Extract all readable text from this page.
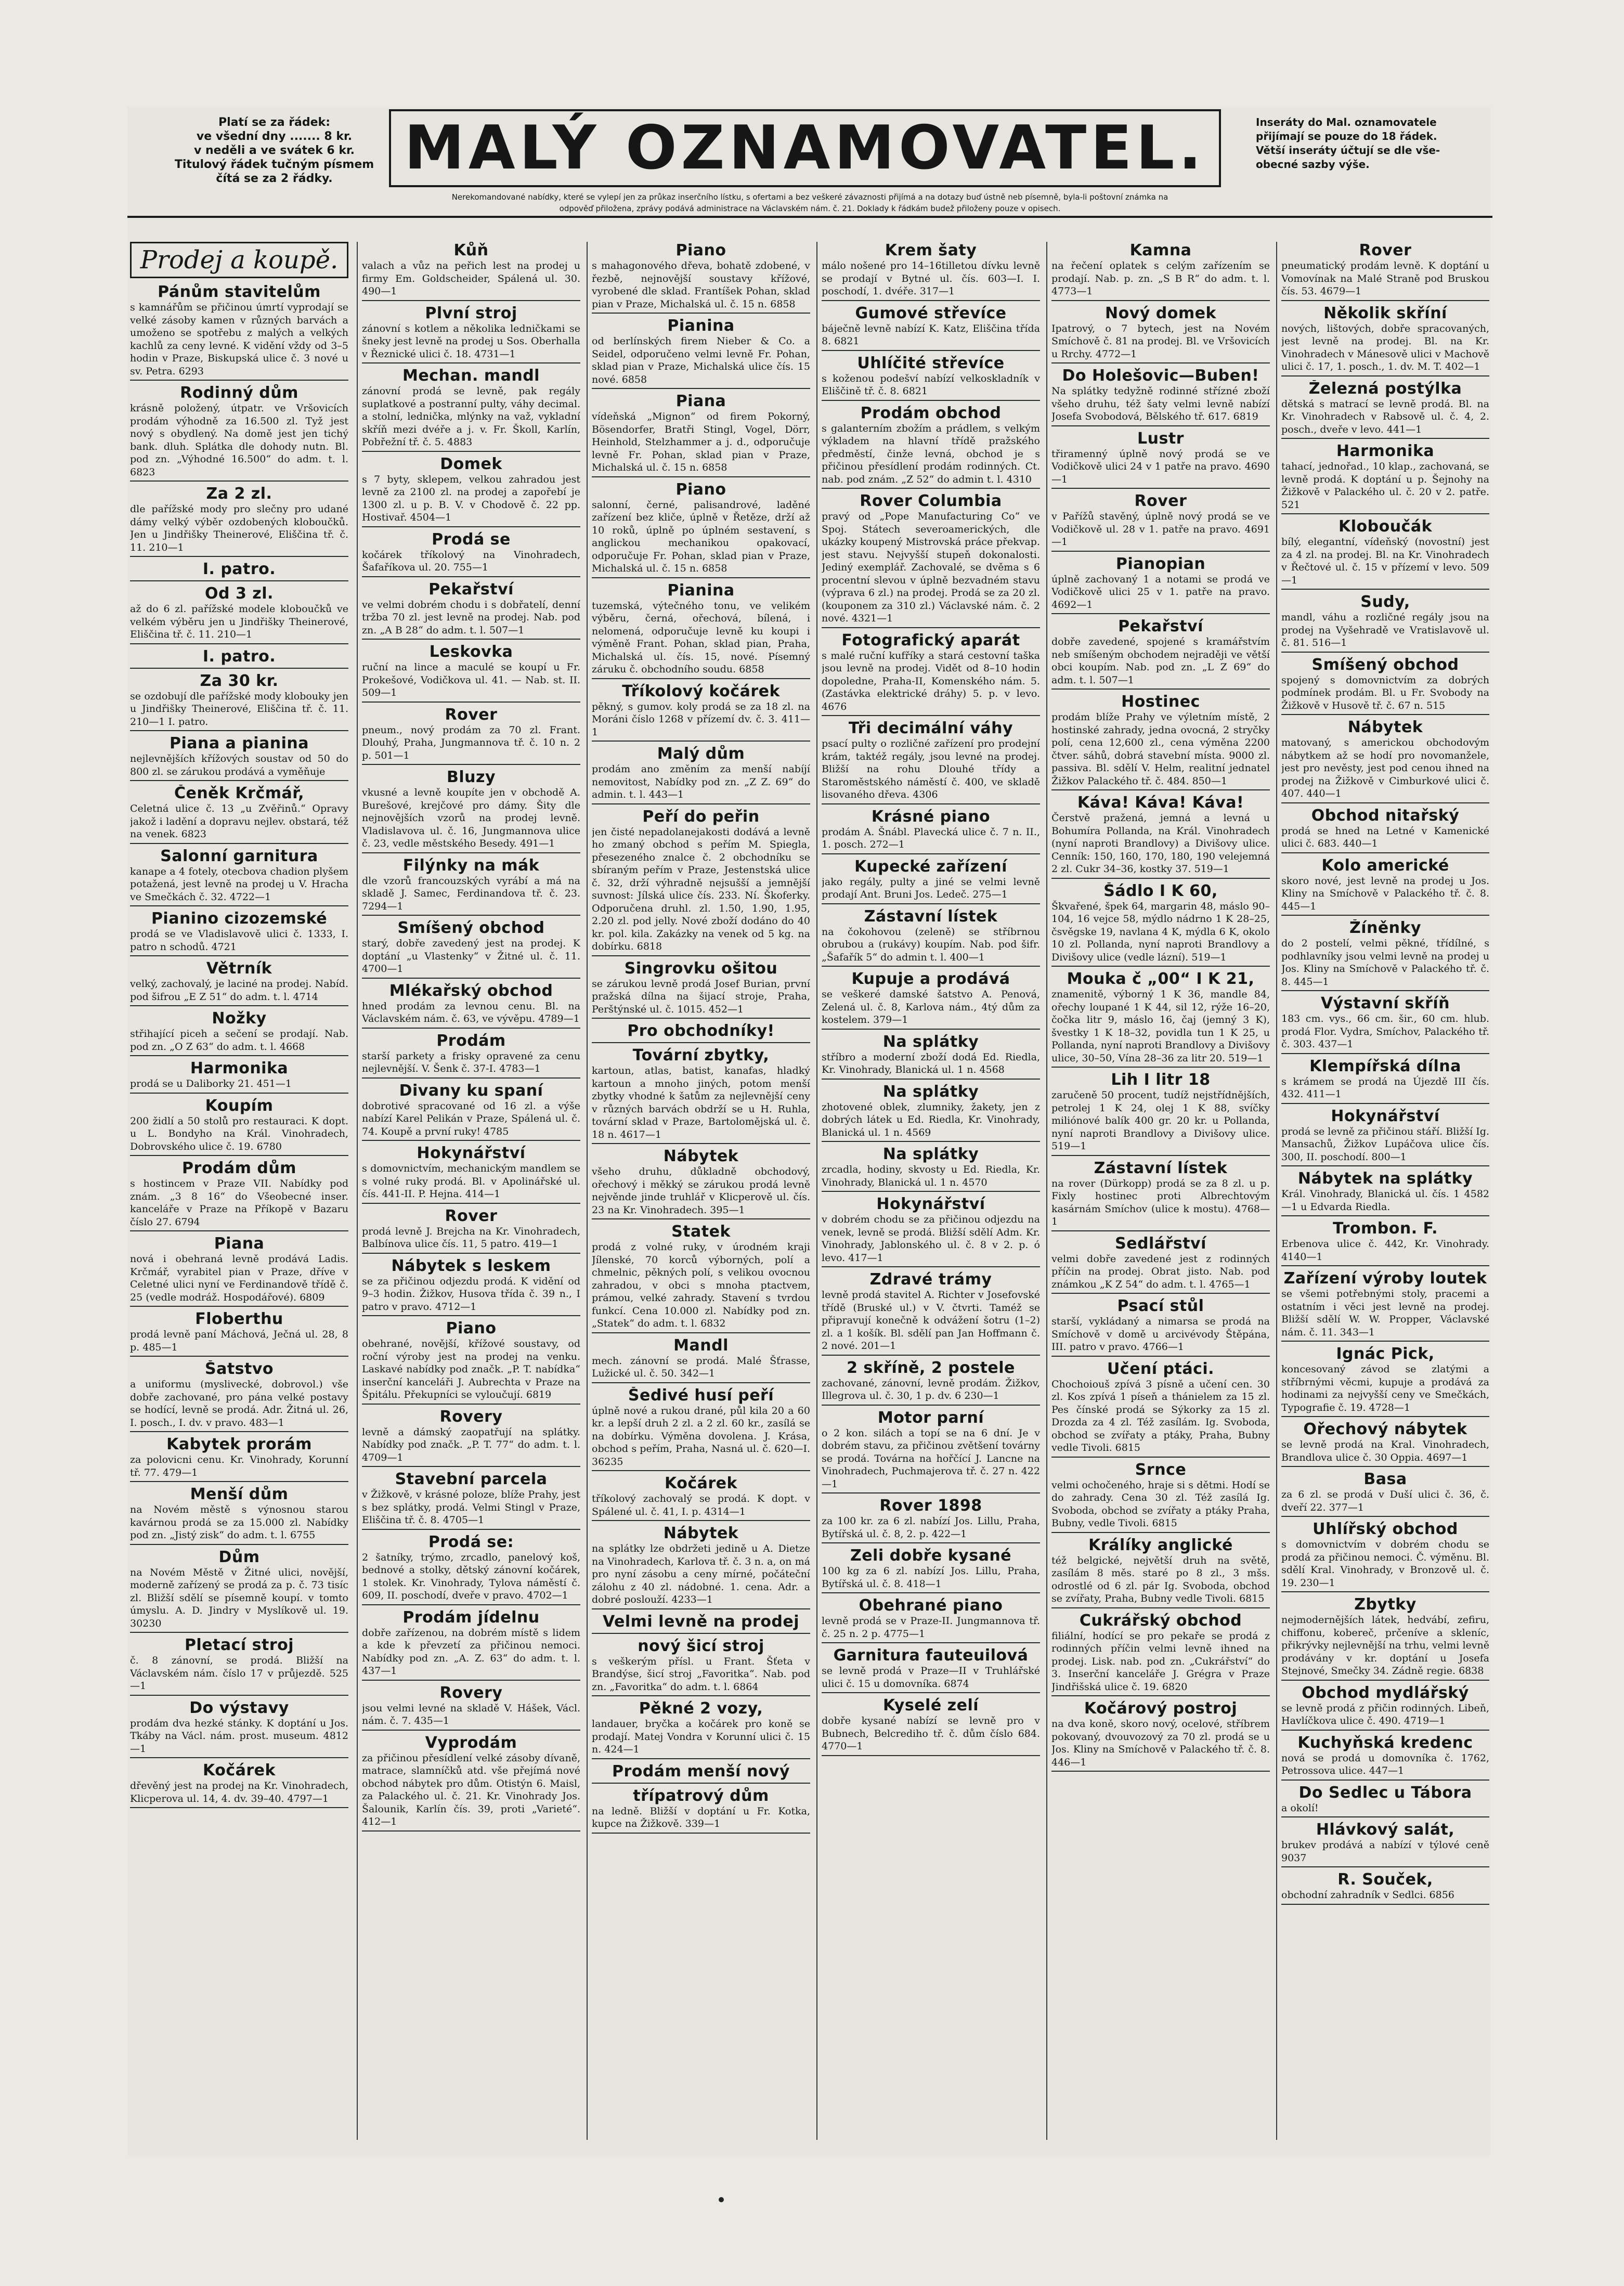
Platí se za řádek:
ve všední dny ....... 8 kr.
v neděli a ve svátek 6 kr.
Titulový řádek tučným písmem
čítá se za 2 řádky.	MALÝ OZNAMOVATEL.	Inseráty do Mal. oznamovatele
přijímají se pouze do 18 řádek.
Větší inseráty účtují se dle vše-
obecné sazby výše.
Nerekomandované nabídky, které se vylepí jen za průkaz inserčního lístku, s ofertami a bez veškeré závaznosti přijímá a na dotazy buď ústně neb písemně, byla-li poštovní známka na
odpověď přiložena, zprávy podává administrace na Václavském nám. č. 21. Doklady k řádkám budež přiloženy pouze v opisech.
Prodej a koupě.
Pánům stavitelům

s kamnářům se přičinou úmrtí vyprodají se velké zásoby kamen v různých barvách a umoženo se spotřebu z malých a velkých kachlů za ceny levné. K vidění vždy od 3–5 hodin v Praze, Biskupská ulice č. 3 nové u sv. Petra. 6293

Rodinný dům

krásně položený, útpatr. ve Vršovicích prodám výhodně za 16.500 zl. Tyž jest nový s obydlený. Na domě jest jen tichý bank. dluh. Splátka dle dohody nutn. Bl. pod zn. „Výhodné 16.500“ do adm. t. l. 6823

Za 2 zl.

dle pařížské mody pro slečny pro udané dámy velký výběr ozdobených kloboučků. Jen u Jindřišky Theinerové, Eliščina tř. č. 11. 210—1

I. patro.
Od 3 zl.

až do 6 zl. pařížské modele kloboučků ve velkém výběru jen u Jindřišky Theinerové, Eliščina tř. č. 11. 210—1

I. patro.
Za 30 kr.

se ozdobují dle pařížské mody klobouky jen u Jindřišky Theinerové, Eliščina tř. č. 11. 210—1 I. patro.

Piana a pianina

nejlevnějších křížových soustav od 50 do 800 zl. se zárukou prodává a vyměňuje

Čeněk Krčmář,

Celetná ulice č. 13 „u Zvěřinů.“ Opravy jakož i ladění a dopravu nejlev. obstará, též na venek. 6823

Salonní garnitura

kanape a 4 fotely, otecbova chadion plyšem potažená, jest levně na prodej u V. Hracha ve Smečkách č. 32. 4722—1

Pianino cizozemské

prodá se ve Vladislavově ulici č. 1333, I. patro n schodů. 4721

Větrník

velký, zachovalý, je laciné na prodej. Nabíd. pod šifrou „E Z 51“ do adm. t. l. 4714

Nožky

střihající piceh a sečení se prodají. Nab. pod zn. „O Z 63“ do adm. t. l. 4668

Harmonika

prodá se u Daliborky 21. 451—1

Koupím

200 židlí a 50 stolů pro restauraci. K dopt. u L. Bondyho na Král. Vinohradech, Dobrovského ulice č. 19. 6780

Prodám dům

s hostincem v Praze VII. Nabídky pod znám. „3 8 16“ do Všeobecné inser. kanceláře v Praze na Příkopě v Bazaru číslo 27. 6794

Piana

nová i obehraná levně prodává Ladis. Krčmář, vyrabitel pian v Praze, dříve v Celetné ulici nyní ve Ferdinandově třídě č. 25 (vedle modráž. Hospodářové). 6809

Floberthu

prodá levně paní Máchová, Ječná ul. 28, 8 p. 485—1

Šatstvo

a uniformu (myslivecké, dobrovol.) vše dobře zachované, pro pána velké postavy se hodící, levně se prodá. Adr. Žitná ul. 26, I. posch., I. dv. v pravo. 483—1

Kabytek prorám

za polovicni cenu. Kr. Vinohrady, Korunní tř. 77. 479—1

Menší dům

na Novém městě s výnosnou starou kavárnou prodá se za 15.000 zl. Nabídky pod zn. „Jistý zisk“ do adm. t. l. 6755

Dům

na Novém Městě v Žitné ulici, novější, moderně zařízený se prodá za p. č. 73 tisíc zl. Bližší sdělí se písemně koupí. v tomto úmyslu. A. D. Jindry v Myslíkově ul. 19. 30230

Pletací stroj

č. 8 zánovní, se prodá. Bližší na Václavském nám. číslo 17 v průjezdě. 525—1

Do výstavy

prodám dva hezké stánky. K doptání u Jos. Tkáby na Václ. nám. prost. museum. 4812—1

Kočárek

dřevěný jest na prodej na Kr. Vinohradech, Klicperova ul. 14, 4. dv. 39–40. 4797—1

Kůň

valach a vůz na peřich lest na prodej u firmy Em. Goldscheider, Spálená ul. 30. 490—1

Plvní stroj

zánovní s kotlem a několika ledničkami se šneky jest levně na prodej u Sos. Oberhalla v Řeznické ulici č. 18. 4731—1

Mechan. mandl

zánovní prodá se levně, pak regály suplatkové a postranní pulty, váhy decimal. a stolní, lednička, mlýnky na važ, vykladní skříň mezi dvéře a j. v. Fr. Školl, Karlín, Pobřežní tř. č. 5. 4883

Domek

s 7 byty, sklepem, velkou zahradou jest levně za 2100 zl. na prodej a zapořebí je 1300 zl. u p. B. V. v Chodově č. 22 pp. Hostivař. 4504—1

Prodá se

kočárek tříkolový na Vinohradech, Šafaříkova ul. 20. 755—1

Pekařství

ve velmi dobrém chodu i s dobřatelí, denní tržba 70 zl. jest levně na prodej. Nab. pod zn. „A B 28“ do adm. t. l. 507—1

Leskovka

ruční na lince a maculé se koupí u Fr. Prokešové, Vodičkova ul. 41. — Nab. st. II. 509—1

Rover

pneum., nový prodám za 70 zl. Frant. Dlouhý, Praha, Jungmannova tř. č. 10 n. 2 p. 501—1

Bluzy

vkusné a levně koupíte jen v obchodě A. Burešové, krejčové pro dámy. Šity dle nejnovějších vzorů na prodej levně. Vladislavova ul. č. 16, Jungmannova ulice č. 23, vedle městského Besedy. 491—1

Filýnky na mák

dle vzorů francouzských vyrábí a má na skladě J. Samec, Ferdinandova tř. č. 23. 7294—1

Smíšený obchod

starý, dobře zavedený jest na prodej. K doptání „u Vlastenky“ v Žitné ul. č. 11. 4700—1

Mlékařský obchod

hned prodám za levnou cenu. Bl. na Václavském nám. č. 63, ve vývěpu. 4789—1

Prodám

starší parkety a frisky opravené za cenu nejlevnější. V. Šenk č. 37-I. 4783—1

Divany ku spaní

dobrotivé spracované od 16 zl. a výše nabízí Karel Pelikán v Praze, Spálená ul. č. 74. Koupě a první ruky! 4785

Hokynářství

s domovnictvím, mechanickým mandlem se s volné ruky prodá. Bl. v Apolinářské ul. čís. 441-II. P. Hejna. 414—1

Rover

prodá levně J. Brejcha na Kr. Vinohradech, Balbínova ulice čís. 11, 5 patro. 419—1

Nábytek s leskem

se za přičinou odjezdu prodá. K vidění od 9–3 hodin. Žižkov, Husova třída č. 39 n., I patro v pravo. 4712—1

Piano

obehrané, novější, křížové soustavy, od roční výroby jest na prodej na venku. Laskavé nabídky pod značk. „P. T. nabídka“ inserční kanceláři J. Aubrechta v Praze na Špitálu. Překupníci se vyloučují. 6819

Rovery

levně a dámský zaopatřují na splátky. Nabídky pod značk. „P. T. 77“ do adm. t. l. 4709—1

Stavební parcela

v Žižkově, v krásné poloze, blíže Prahy, jest s bez splátky, prodá. Velmi Stingl v Praze, Eliščina tř. č. 8. 4705—1

Prodá se:

2 šatníky, trýmo, zrcadlo, panelový koš, bednové a stolky, dětský zánovní kočárek, 1 stolek. Kr. Vinohrady, Tylova náměstí č. 609, II. poschodí, dveře v pravo. 4702—1

Prodám jídelnu

dobře zařízenou, na dobrém místě s lidem a kde k převzetí za přičinou nemoci. Nabídky pod zn. „A. Z. 63“ do adm. t. l. 437—1

Rovery

jsou velmi levné na skladě V. Hášek, Václ. nám. č. 7. 435—1

Vyprodám

za přičinou přesídlení velké zásoby dívaně, matrace, slamníčků atd. vše přejímá nové obchod nábytek pro dům. Otistýn 6. Maisl, za Palackého ul. č. 21. Kr. Vinohrady Jos. Šalounik, Karlín čís. 39, proti „Varieté“. 412—1

Piano

s mahagonového dřeva, bohatě zdobené, v řezbě, nejnovější soustavy křížové, vyrobené dle sklad. Frantíšek Pohan, sklad pian v Praze, Michalská ul. č. 15 n. 6858

Pianina

od berlínských firem Nieber & Co. a Seidel, odporučeno velmi levně Fr. Pohan, sklad pian v Praze, Michalská ulice čís. 15 nové. 6858

Piana

vídeňská „Mignon“ od firem Pokorný, Bösendorfer, Bratři Stingl, Vogel, Dörr, Heinhold, Stelzhammer a j. d., odporučuje levně Fr. Pohan, sklad pian v Praze, Michalská ul. č. 15 n. 6858

Piano

salonní, černé, palisandrové, laděné zařízení bez kliče, úplně v Řetěze, drží až 10 roků, úplně po úplném sestavení, s anglickou mechanikou opakovací, odporučuje Fr. Pohan, sklad pian v Praze, Michalská ul. č. 15 n. 6858

Pianina

tuzemská, výtečného tonu, ve velikém výběru, černá, ořechová, bílená, i nelomená, odporučuje levně ku koupi i výměně Frant. Pohan, sklad pian, Praha, Michalská ul. čís. 15, nové. Písemný záruku č. obchodního soudu. 6858

Tříkolový kočárek

pěkný, s gumov. koly prodá se za 18 zl. na Moráni číslo 1268 v přízemí dv. č. 3. 411—1

Malý dům

prodám ano změním za menší nabíjí nemovitost, Nabídky pod zn. „Z Z. 69“ do admin. t. l. 443—1

Peří do peřin

jen čisté nepadolanejakosti dodává a levně ho zmaný obchod s peřím M. Spiegla, přesezeného znalce č. 2 obchodníku se sbíraným peřím v Praze, Jestenstská ulice č. 32, drží výhradně nejsušší a jemnější suvnost: Jílská ulice čís. 233. Ní. Škoferky. Odporučena druhl. zl. 1.50, 1.90, 1.95, 2.20 zl. pod jelly. Nové zboží dodáno do 40 kr. pol. kila. Zakázky na venek od 5 kg. na dobírku. 6818

Singrovku ošitou

se zárukou levně prodá Josef Burian, první pražská dílna na šijací stroje, Praha, Perštýnské ul. č. 1015. 452—1

Pro obchodníky!
Tovární zbytky,

kartoun, atlas, batist, kanafas, hladký kartoun a mnoho jiných, potom menší zbytky vhodné k šatům za nejlevnější ceny v různých barvách obdrží se u H. Ruhla, tovární sklad v Praze, Bartolomějská ul. č. 18 n. 4617—1

Nábytek

všeho druhu, důkladně obchodový, ořechový i měkký se zárukou prodá levně nejvěnde jinde truhlář v Klicperově ul. čís. 23 na Kr. Vinohradech. 395—1

Statek

prodá z volné ruky, v úrodném kraji Jílenské, 70 korců výborných, polí a chmelnic, pěkných polí, s velikou ovocnou zahradou, v obci s mnoha ptactvem, prámou, velké zahrady. Stavení s tvrdou funkcí. Cena 10.000 zl. Nabídky pod zn. „Statek“ do adm. t. l. 6832

Mandl

mech. zánovní se prodá. Malé Šťrasse, Lužické ul. č. 50. 342—1

Šedivé husí peří

úplně nové a rukou drané, půl kila 20 a 60 kr. a lepší druh 2 zl. a 2 zl. 60 kr., zasílá se na dobírku. Výměna dovolena. J. Krása, obchod s peřím, Praha, Nasná ul. č. 620—I. 36235

Kočárek

tříkolový zachovalý se prodá. K dopt. v Spálené ul. č. 41, I. p. 4314—1

Nábytek

na splátky lze obdržeti jedině u A. Dietze na Vinohradech, Karlova tř. č. 3 n. a, on má pro nyní zásobu a ceny mírné, počáteční zálohu z 40 zl. nádobné. 1. cena. Adr. a dobré poslouží. 4233—1

Velmi levně na prodej
nový šicí stroj

s veškerým přísl. u Frant. Šťeta v Brandýse, šicí stroj „Favoritka“. Nab. pod zn. „Favoritka“ do adm. t. l. 6864

Pěkné 2 vozy,

landauer, bryčka a kočárek pro koně se prodají. Matej Vondra v Korunní ulici č. 15 n. 424—1

Prodám menší nový
třípatrový dům

na ledně. Bližší v doptání u Fr. Kotka, kupce na Žižkově. 339—1

Krem šaty

málo nošené pro 14–16tilletou dívku levně se prodají v Bytné ul. čís. 603—I. I. poschodí, 1. dvéře. 317—1

Gumové střevíce

báječně levně nabízí K. Katz, Eliščina třída 8. 6821

Uhlíčité střevíce

s koženou podešví nabízí velkoskladník v Eliščině tř. č. 8. 6821

Prodám obchod

s galanterním zbožím a prádlem, s velkým výkladem na hlavní třídě pražského předměstí, činže levná, obchod je s přičinou přesídlení prodám rodinných. Ct. nab. pod znám. „Z 52“ do admin t. l. 4310

Rover Columbia

pravý od „Pope Manufacturing Co“ ve Spoj. Státech severoamerických, dle ukázky koupený Mistrovská práce překvap. jest stavu. Nejvyšší stupeň dokonalosti. Jediný exemplář. Zachovalé, se dvěma s 6 procentní slevou v úplně bezvadném stavu (výprava 6 zl.) na prodej. Prodá se za 20 zl. (kouponem za 310 zl.) Václavské nám. č. 2 nové. 4321—1

Fotografický aparát

s malé ruční kufříky a stará cestovní taška jsou levně na prodej. Vidět od 8–10 hodin dopoledne, Praha-II, Komenského nám. 5. (Zastávka elektrické dráhy) 5. p. v levo. 4676

Tři decimální váhy

psací pulty o rozličné zařízení pro prodejní krám, taktéž regály, jsou levné na prodej. Bližší na rohu Dlouhé třídy a Staroměstského náměstí č. 400, ve skladě lisovaného dřeva. 4306

Krásné piano

prodám A. Šnábl. Plavecká ulice č. 7 n. II., 1. posch. 272—1

Kupecké zařízení

jako regály, pulty a jiné se velmi levně prodají Ant. Bruni Jos. Ledeč. 275—1

Zástavní lístek

na čokohovou (zeleně) se stříbrnou obrubou a (rukávy) koupím. Nab. pod šifr. „Šafařík 5“ do admin t. l. 400—1

Kupuje a prodává

se veškeré damské šatstvo A. Penová, Zelená ul. č. 8, Karlova nám., 4tý dům za kostelem. 379—1

Na splátky

stříbro a moderní zboží dodá Ed. Riedla, Kr. Vinohrady, Blanická ul. 1 n. 4568

Na splátky

zhotovené oblek, zlumniky, žakety, jen z dobrých látek u Ed. Riedla, Kr. Vinohrady, Blanická ul. 1 n. 4569

Na splátky

zrcadla, hodiny, skvosty u Ed. Riedla, Kr. Vinohrady, Blanická ul. 1 n. 4570

Hokynářství

v dobrém chodu se za přičinou odjezdu na venek, levně se prodá. Bližší sdělí Adm. Kr. Vinohrady, Jablonského ul. č. 8 v 2. p. ó levo. 417—1

Zdravé trámy

levně prodá stavitel A. Richter v Josefovské třídě (Bruské ul.) v V. čtvrti. Taméž se připravují konečně k odvážení šotru (1–2) zl. a 1 košík. Bl. sdělí pan Jan Hoffmann č. 2 nové. 201—1

2 skříně, 2 postele

zachované, zánovní, levně prodám. Žižkov, Illegrova ul. č. 30, 1 p. dv. 6 230—1

Motor parní

o 2 kon. silách a topí se na 6 dní. Je v dobrém stavu, za přičinou zvětšení továrny se prodá. Továrna na hořčící J. Lancne na Vinohradech, Puchmajerova tř. č. 27 n. 422—1

Rover 1898

za 100 kr. za 6 zl. nabízí Jos. Lillu, Praha, Bytířská ul. č. 8, 2. p. 422—1

Zeli dobře kysané

100 kg za 6 zl. nabízí Jos. Lillu, Praha, Bytířská ul. č. 8. 418—1

Obehrané piano

levně prodá se v Praze-II. Jungmannova tř. č. 25 n. 2 p. 4775—1

Garnitura fauteuilová

se levně prodá v Praze—II v Truhlářské ulici č. 15 u domovníka. 6874

Kyselé zelí

dobře kysané nabízí se levně pro v Bubnech, Belcrediho tř. č. dům číslo 684. 4770—1

Kamna

na řečení oplatek s celým zařízením se prodají. Nab. p. zn. „S B R“ do adm. t. l. 4773—1

Nový domek

Ipatrový, o 7 bytech, jest na Novém Smíchově č. 81 na prodej. Bl. ve Vršovicích u Rrchy. 4772—1

Do Holešovic—Buben!

Na splátky tedyžně rodinné střízné zboží všeho druhu, též šaty velmi levně nabízí Josefa Svobodová, Bělského tř. 617. 6819

Lustr

třiramenný úplně nový prodá se ve Vodičkově ulici 24 v 1 patře na pravo. 4690—1

Rover

v Pařížů stavěný, úplně nový prodá se ve Vodičkově ul. 28 v 1. patře na pravo. 4691—1

Pianopian

úplně zachovaný 1 a notami se prodá ve Vodičkově ulici 25 v 1. patře na pravo. 4692—1

Pekařství

dobře zavedené, spojené s kramářstvím neb smíšeným obchodem nejraději ve větší obci koupím. Nab. pod zn. „L Z 69“ do adm. t. l. 507—1

Hostinec

prodám blíže Prahy ve výletním místě, 2 hostinské zahrady, jedna ovocná, 2 stryčky polí, cena 12,600 zl., cena výměna 2200 čtver. sáhů, dobrá stavební místa. 9000 zl. passiva. Bl. sdělí V. Helm, realitní jednatel Žižkov Palackého tř. č. 484. 850—1

Káva! Káva! Káva!

Čerstvě pražená, jemná a levná u Bohumíra Pollanda, na Král. Vinohradech (nyní naproti Brandlovy) a Divišovy ulice. Cenník: 150, 160, 170, 180, 190 velejemná 2 zl. Cukr 34–36, kostky 37. 519—1

Šádlo I K 60,

Škvařené, špek 64, margarin 48, máslo 90–104, 16 vejce 58, mýdlo nádrno 1 K 28–25, čsvěgske 19, navlana 4 K, mýdla 6 K, okolo 10 zl. Pollanda, nyní naproti Brandlovy a Divišovy ulice (vedle lázní). 519—1

Mouka č „00“ I K 21,

znamenitě, výborný 1 K 36, mandle 84, ořechy loupané 1 K 44, sil 12, rýže 16–20, čočka litr 9, máslo 16, čaj (jemný 3 K), švestky 1 K 18–32, povidla tun 1 K 25, u Pollanda, nyní naproti Brandlovy a Divišovy ulice, 30–50, Vína 28–36 za litr 20. 519—1

Lih I litr 18

zaručeně 50 procent, tudíž nejstřídnějších, petrolej 1 K 24, olej 1 K 88, svíčky miliónové balík 400 gr. 20 kr. u Pollanda, nyní naproti Brandlovy a Divišovy ulice. 519—1

Zástavní lístek

na rover (Dürkopp) prodá se za 8 zl. u p. Fixly hostinec proti Albrechtovým kasárnám Smíchov (ulice k mostu). 4768—1

Sedlářství

velmi dobře zavedené jest z rodinných příčin na prodej. Obrat jisto. Nab. pod známkou „K Z 54“ do adm. t. l. 4765—1

Psací stůl

starší, vykládaný a nimarsa se prodá na Smíchově v domě u arcivévody Štěpána, III. patro v pravo. 4766—1

Učení ptáci.

Chochoiouš zpívá 3 písně a učení cen. 30 zl. Kos zpívá 1 píseň a thánielem za 15 zl. Pes čínské prodá se Sýkorky za 15 zl. Drozda za 4 zl. Též zasílám. Ig. Svoboda, obchod se zvířaty a ptáky, Praha, Bubny vedle Tivoli. 6815

Srnce

velmi ochočeného, hraje si s dětmi. Hodí se do zahrady. Cena 30 zl. Též zasílá Ig. Svoboda, obchod se zvířaty a ptáky Praha, Bubny, vedle Tivoli. 6815

Králíky anglické

též belgické, největší druh na světě, zasílám 8 měs. staré po 8 zl., 3 mšs. odrostlé od 6 zl. pár Ig. Svoboda, obchod se zvířaty, Praha, Bubny vedle Tivoli. 6815

Cukrářský obchod

filiální, hodící se pro pekaře se prodá z rodinných příčin velmi levně ihned na prodej. Lisk. nab. pod zn. „Cukrářství“ do 3. Inserční kanceláře J. Grégra v Praze Jindřišská ulice č. 19. 6820

Kočárový postroj

na dva koně, skoro nový, ocelové, stříbrem pokovaný, dvouvozový za 70 zl. prodá se u Jos. Kliny na Smíchově v Palackého tř. č. 8. 446—1

Rover

pneumatický prodám levně. K doptání u Vomovínak na Malé Straně pod Bruskou čís. 53. 4679—1

Několik skříní

nových, lištových, dobře spracovaných, jest levně na prodej. Bl. na Kr. Vinohradech v Mánesově ulici v Machově ulici č. 17, 1. posch., 1. dv. M. T. 402—1

Železná postýlka

dětská s matrací se levně prodá. Bl. na Kr. Vinohradech v Rabsově ul. č. 4, 2. posch., dveře v levo. 441—1

Harmonika

tahací, jednořad., 10 klap., zachovaná, se levně prodá. K doptání u p. Šejnohy na Žižkově v Palackého ul. č. 20 v 2. patře. 521

Kloboučák

bílý, elegantní, vídeňský (novostní) jest za 4 zl. na prodej. Bl. na Kr. Vinohradech v Řečtové ul. č. 15 v přízemí v levo. 509—1

Sudy,

mandl, váhu a rozličné regály jsou na prodej na Vyšehradě ve Vratislavově ul. č. 81. 516—1

Smíšený obchod

spojený s domovnictvím za dobrých podmínek prodám. Bl. u Fr. Svobody na Žižkově v Husově tř. č. 67 n. 515

Nábytek

matovaný, s americkou obchodovým nábytkem až se hodí pro novomanžele, jest pro nevěsty, jest pod cenou ihned na prodej na Žižkově v Cimburkové ulici č. 407. 440—1

Obchod nitařský

prodá se hned na Letné v Kamenické ulici č. 683. 440—1

Kolo americké

skoro nové, jest levně na prodej u Jos. Kliny na Smíchově v Palackého tř. č. 8. 445—1

Žíněnky

do 2 postelí, velmi pěkné, třídílné, s podhlavníky jsou velmi levně na prodej u Jos. Kliny na Smíchově v Palackého tř. č. 8. 445—1

Výstavní skříň

183 cm. vys., 66 cm. šir., 60 cm. hlub. prodá Flor. Vydra, Smíchov, Palackého tř. č. 303. 437—1

Klempířská dílna

s krámem se prodá na Újezdě III čís. 432. 411—1

Hokynářství

prodá se levně za přičinou stáří. Bližší Ig. Mansachů, Žižkov Lupáčova ulice čís. 300, II. poschodí. 800—1

Nábytek na splátky

Král. Vinohrady, Blanická ul. čís. 1 4582—1 u Edvarda Riedla.

Trombon. F.

Erbenova ulice č. 442, Kr. Vinohrady. 4140—1

Zařízení výroby loutek

se všemi potřebnými stoly, pracemi a ostatním i věci jest levně na prodej. Bližší sdělí W. W. Propper, Václavské nám. č. 11. 343—1

Ignác Pick,

koncesovaný závod se zlatými a stříbrnými věcmi, kupuje a prodává za hodinami za nejvyšší ceny ve Smečkách, Typografie č. 19. 4728—1

Ořechový nábytek

se levně prodá na Kral. Vinohradech, Brandlova ulice č. 30 Oppia. 4697—1

Basa

za 6 zl. se prodá v Duší ulici č. 36, č. dveří 22. 377—1

Uhlířský obchod

s domovnictvím v dobrém chodu se prodá za přičinou nemoci. Č. výměnu. Bl. sdělí Kral. Vinohrady, v Bronzově ul. č. 19. 230—1

Zbytky

nejmodernějších látek, hedvábí, zefiru, chiffonu, kobereč, prčeníve a skleníc, přikrývky nejlevnější na trhu, velmi levně prodávány v kr. doptání u Josefa Stejnové, Smečky 34. Zádně regie. 6838

Obchod mydlářský

se levně prodá z přičin rodinných. Libeň, Havlíčkova ulice č. 490. 4719—1

Kuchyňská kredenc

nová se prodá u domovníka č. 1762, Petrossova ulice. 447—1

Do Sedlec u Tábora

a okolí!

Hlávkový salát,

brukev prodává a nabízí v týlové ceně 9037

R. Souček,

obchodní zahradník v Sedlci. 6856
